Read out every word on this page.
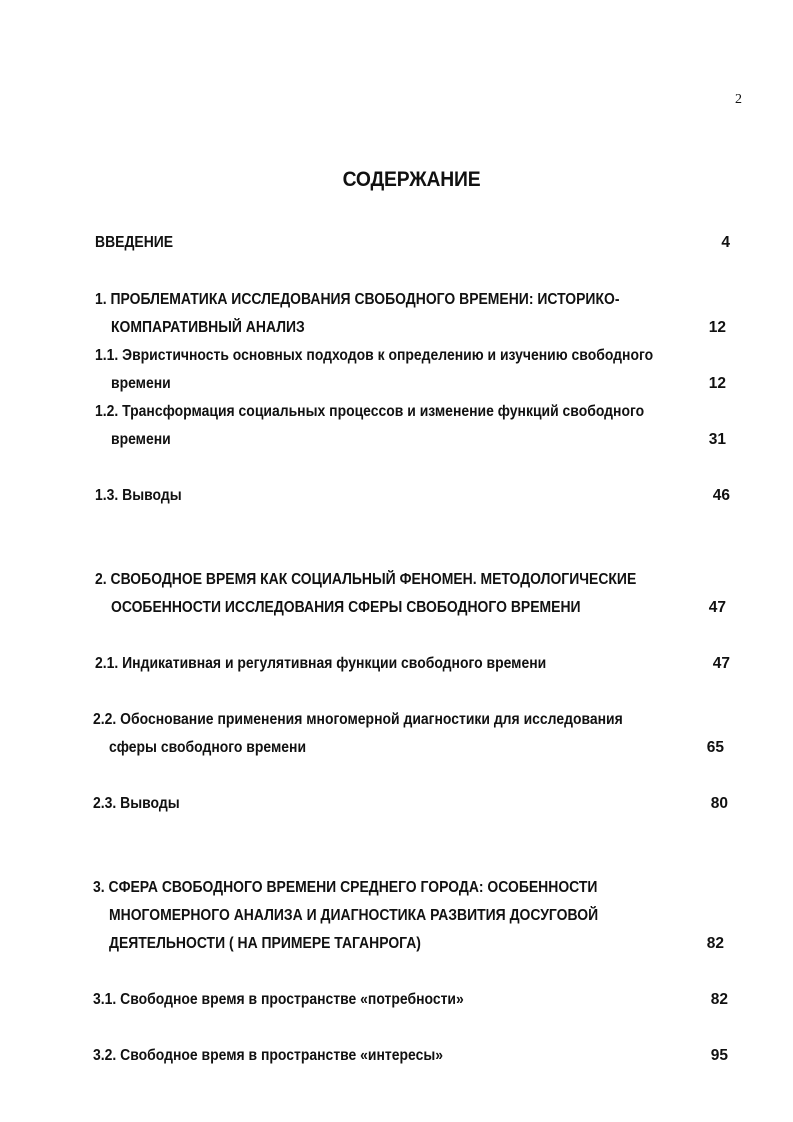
2
СОДЕРЖАНИЕ
ВВЕДЕНИЕ	4
1. ПРОБЛЕМАТИКА ИССЛЕДОВАНИЯ СВОБОДНОГО ВРЕМЕНИ: ИСТОРИКО-
КОМПАРАТИВНЫЙ АНАЛИЗ	12
1.1. Эвристичность основных подходов к определению и изучению свободного
времени	12
1.2. Трансформация социальных процессов и изменение функций свободного
времени	31
1.3. Выводы	46
2. СВОБОДНОЕ ВРЕМЯ КАК СОЦИАЛЬНЫЙ ФЕНОМЕН. МЕТОДОЛОГИЧЕСКИЕ
ОСОБЕННОСТИ ИССЛЕДОВАНИЯ СФЕРЫ СВОБОДНОГО ВРЕМЕНИ	47
2.1. Индикативная и регулятивная функции свободного времени	47
2.2. Обоснование применения многомерной диагностики для исследования
сферы свободного времени	65
2.3. Выводы	80
3. СФЕРА СВОБОДНОГО ВРЕМЕНИ СРЕДНЕГО ГОРОДА: ОСОБЕННОСТИ
МНОГОМЕРНОГО АНАЛИЗА И ДИАГНОСТИКА РАЗВИТИЯ ДОСУГОВОЙ
ДЕЯТЕЛЬНОСТИ ( НА ПРИМЕРЕ ТАГАНРОГА)	82
3.1. Свободное время в пространстве «потребности»	82
3.2. Свободное время в пространстве «интересы»	95
